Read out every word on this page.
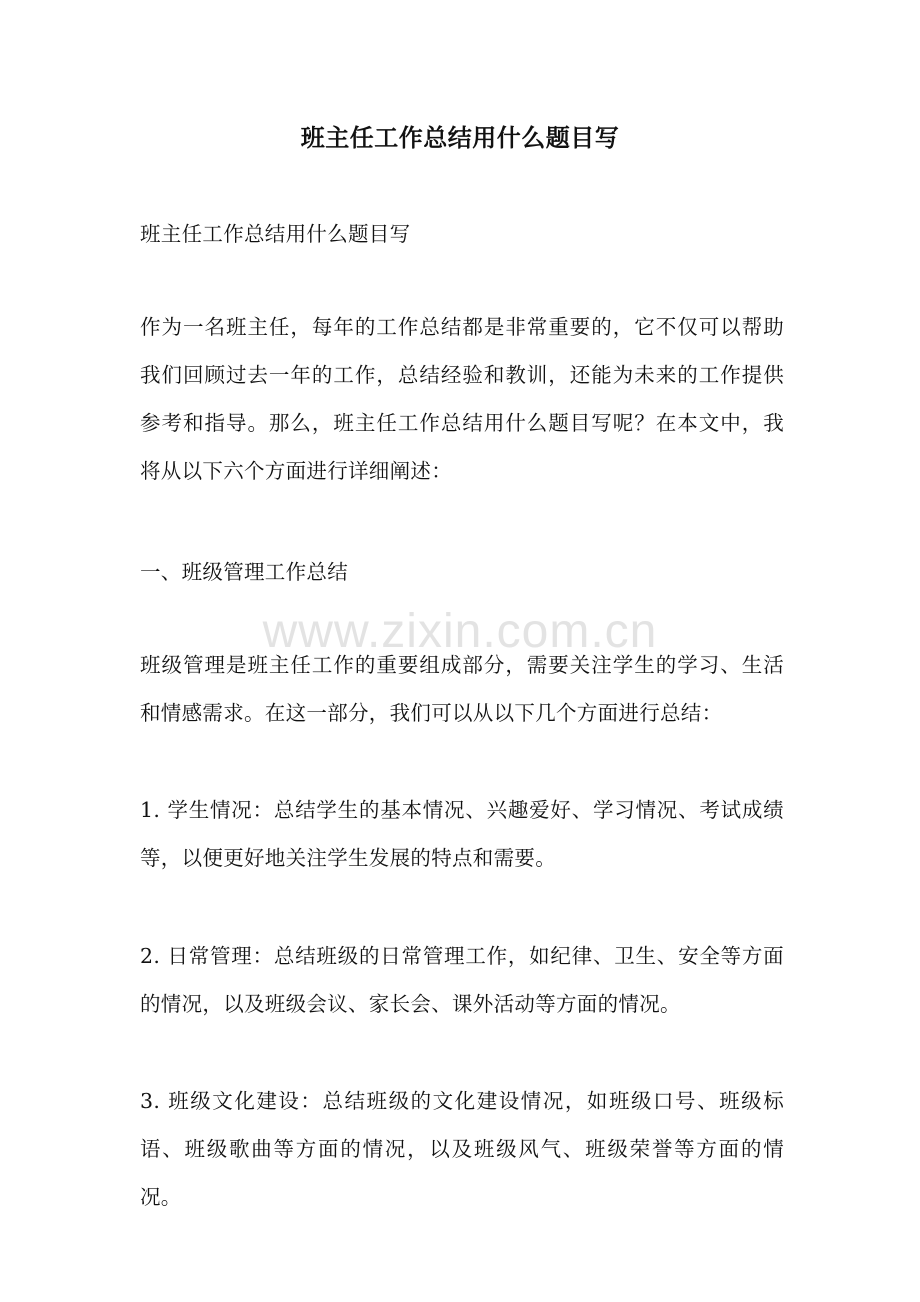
班主任工作总结用什么题目写
班主任工作总结用什么题目写
作为一名班主任，每年的工作总结都是非常重要的，它不仅可以帮助我们回顾过去一年的工作，总结经验和教训，还能为未来的工作提供参考和指导。那么，班主任工作总结用什么题目写呢？在本文中，我将从以下六个方面进行详细阐述：
一、班级管理工作总结
www.zixin.com.cn
班级管理是班主任工作的重要组成部分，需要关注学生的学习、生活和情感需求。在这一部分，我们可以从以下几个方面进行总结：
1. 学生情况：总结学生的基本情况、兴趣爱好、学习情况、考试成绩等，以便更好地关注学生发展的特点和需要。
2. 日常管理：总结班级的日常管理工作，如纪律、卫生、安全等方面的情况，以及班级会议、家长会、课外活动等方面的情况。
3. 班级文化建设：总结班级的文化建设情况，如班级口号、班级标语、班级歌曲等方面的情况，以及班级风气、班级荣誉等方面的情况。
